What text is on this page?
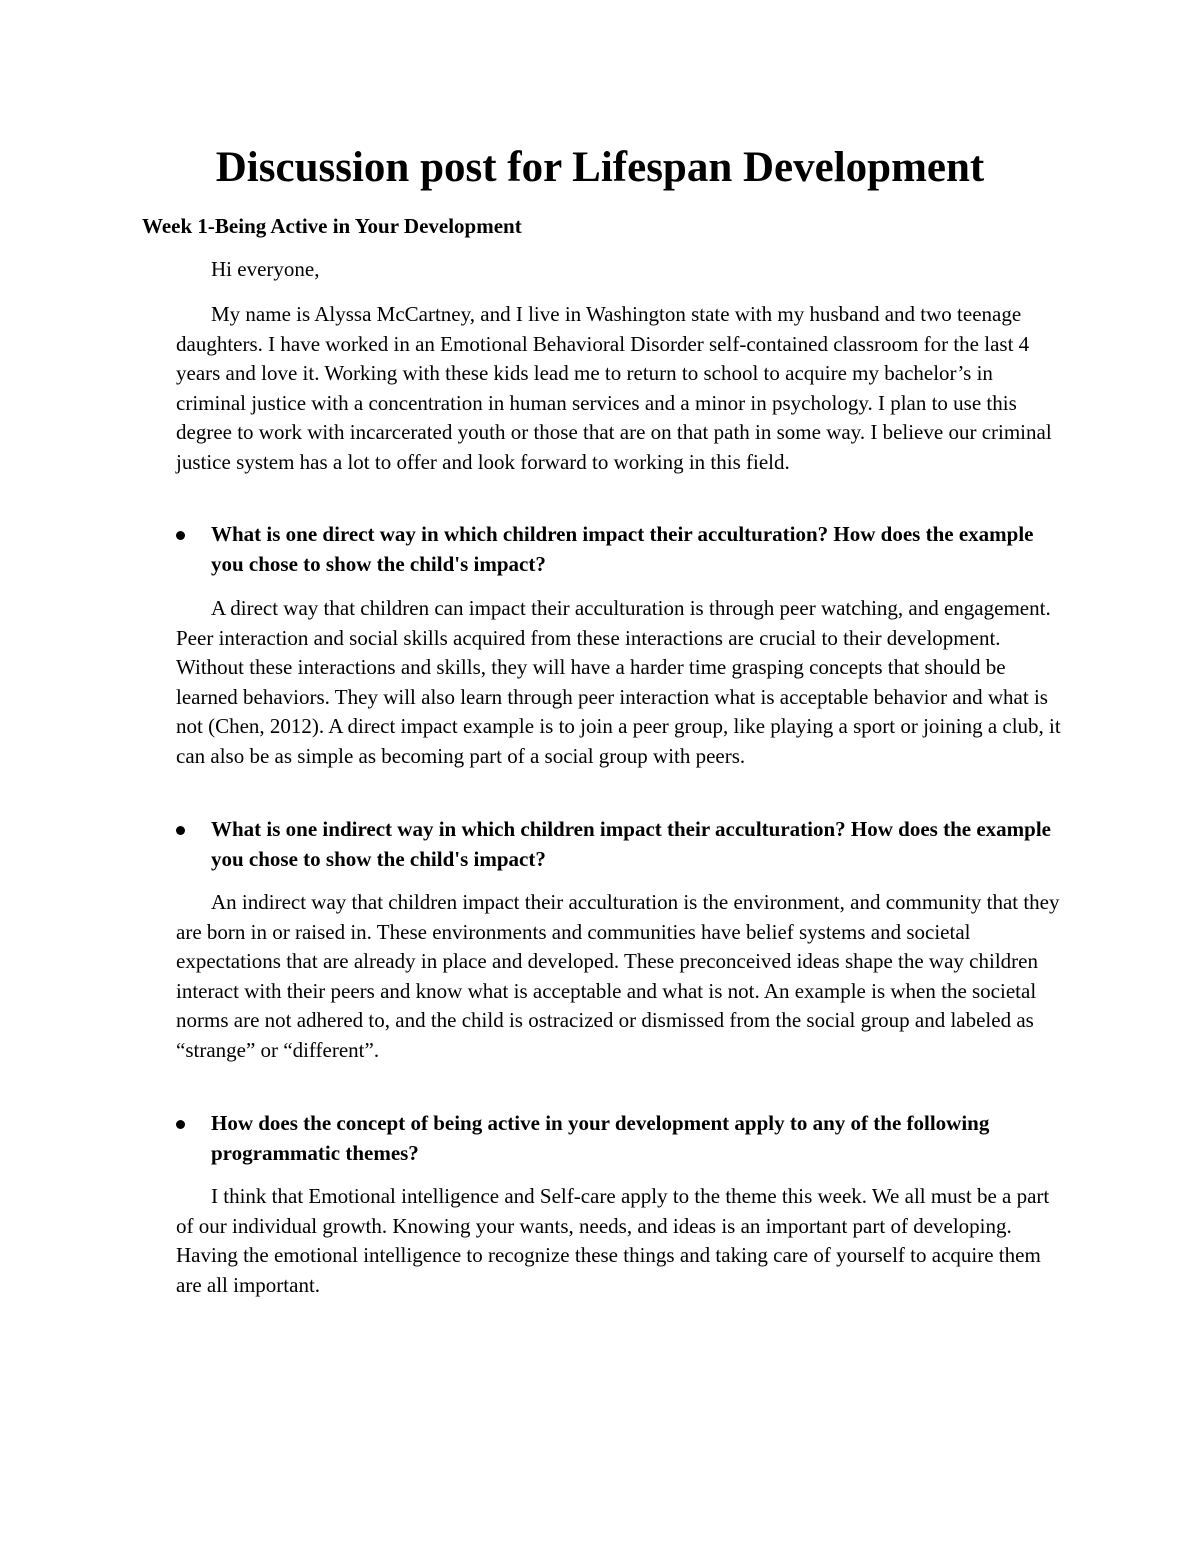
Discussion post for Lifespan Development
Week 1-Being Active in Your Development

Hi everyone,

My name is Alyssa McCartney, and I live in Washington state with my husband and two teenage daughters. I have worked in an Emotional Behavioral Disorder self-contained classroom for the last 4 years and love it. Working with these kids lead me to return to school to acquire my bachelor’s in criminal justice with a concentration in human services and a minor in psychology. I plan to use this degree to work with incarcerated youth or those that are on that path in some way. I believe our criminal justice system has a lot to offer and look forward to working in this field.

What is one direct way in which children impact their acculturation? How does the example you chose to show the child's impact?

A direct way that children can impact their acculturation is through peer watching, and engagement. Peer interaction and social skills acquired from these interactions are crucial to their development. Without these interactions and skills, they will have a harder time grasping concepts that should be learned behaviors. They will also learn through peer interaction what is acceptable behavior and what is not (Chen, 2012). A direct impact example is to join a peer group, like playing a sport or joining a club, it can also be as simple as becoming part of a social group with peers.

What is one indirect way in which children impact their acculturation? How does the example you chose to show the child's impact?

An indirect way that children impact their acculturation is the environment, and community that they are born in or raised in. These environments and communities have belief systems and societal expectations that are already in place and developed. These preconceived ideas shape the way children interact with their peers and know what is acceptable and what is not. An example is when the societal norms are not adhered to, and the child is ostracized or dismissed from the social group and labeled as “strange” or “different”.

How does the concept of being active in your development apply to any of the following programmatic themes?

I think that Emotional intelligence and Self-care apply to the theme this week. We all must be a part of our individual growth. Knowing your wants, needs, and ideas is an important part of developing. Having the emotional intelligence to recognize these things and taking care of yourself to acquire them are all important.
